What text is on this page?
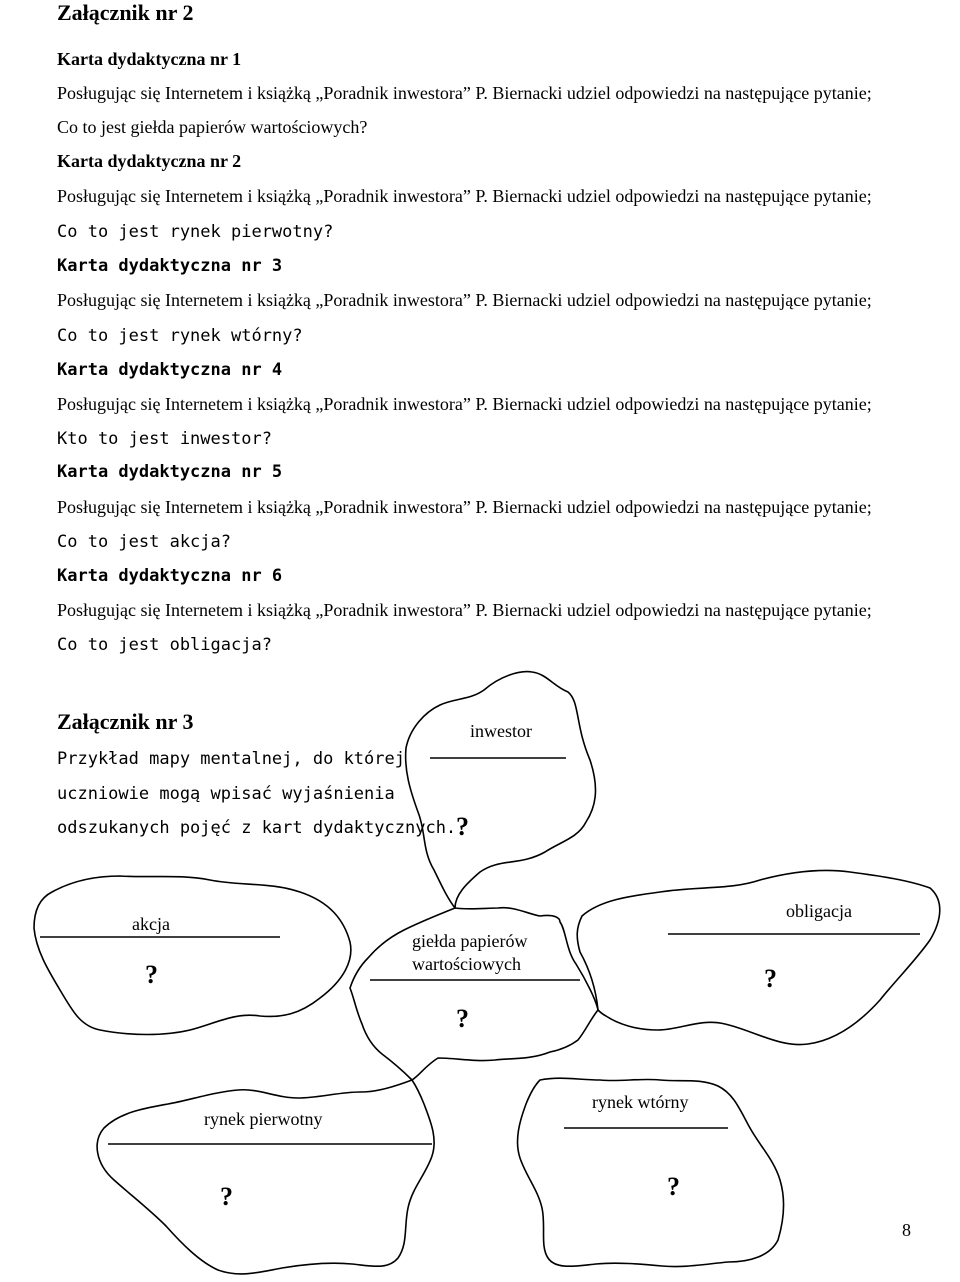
Załącznik nr 2
Karta dydaktyczna nr 1
Posługując się Internetem i książką „Poradnik inwestora” P. Biernacki udziel odpowiedzi na następujące pytanie;
Co to jest giełda papierów wartościowych?
Karta dydaktyczna nr 2
Posługując się Internetem i książką „Poradnik inwestora” P. Biernacki udziel odpowiedzi na następujące pytanie;
Co to jest rynek pierwotny?
Karta dydaktyczna nr 3
Posługując się Internetem i książką „Poradnik inwestora” P. Biernacki udziel odpowiedzi na następujące pytanie;
Co to jest rynek wtórny?
Karta dydaktyczna nr 4
Posługując się Internetem i książką „Poradnik inwestora” P. Biernacki udziel odpowiedzi na następujące pytanie;
Kto to jest inwestor?
Karta dydaktyczna nr 5
Posługując się Internetem i książką „Poradnik inwestora” P. Biernacki udziel odpowiedzi na następujące pytanie;
Co to jest akcja?
Karta dydaktyczna nr 6
Posługując się Internetem i książką „Poradnik inwestora” P. Biernacki udziel odpowiedzi na następujące pytanie;
Co to jest obligacja?
Załącznik nr 3
Przykład mapy mentalnej, do której
uczniowie mogą wpisać wyjaśnienia
odszukanych pojęć z kart dydaktycznych.
inwestor
?
akcja
?
giełda papierów
wartościowych
?
obligacja
?
rynek pierwotny
?
rynek wtórny
?
8
